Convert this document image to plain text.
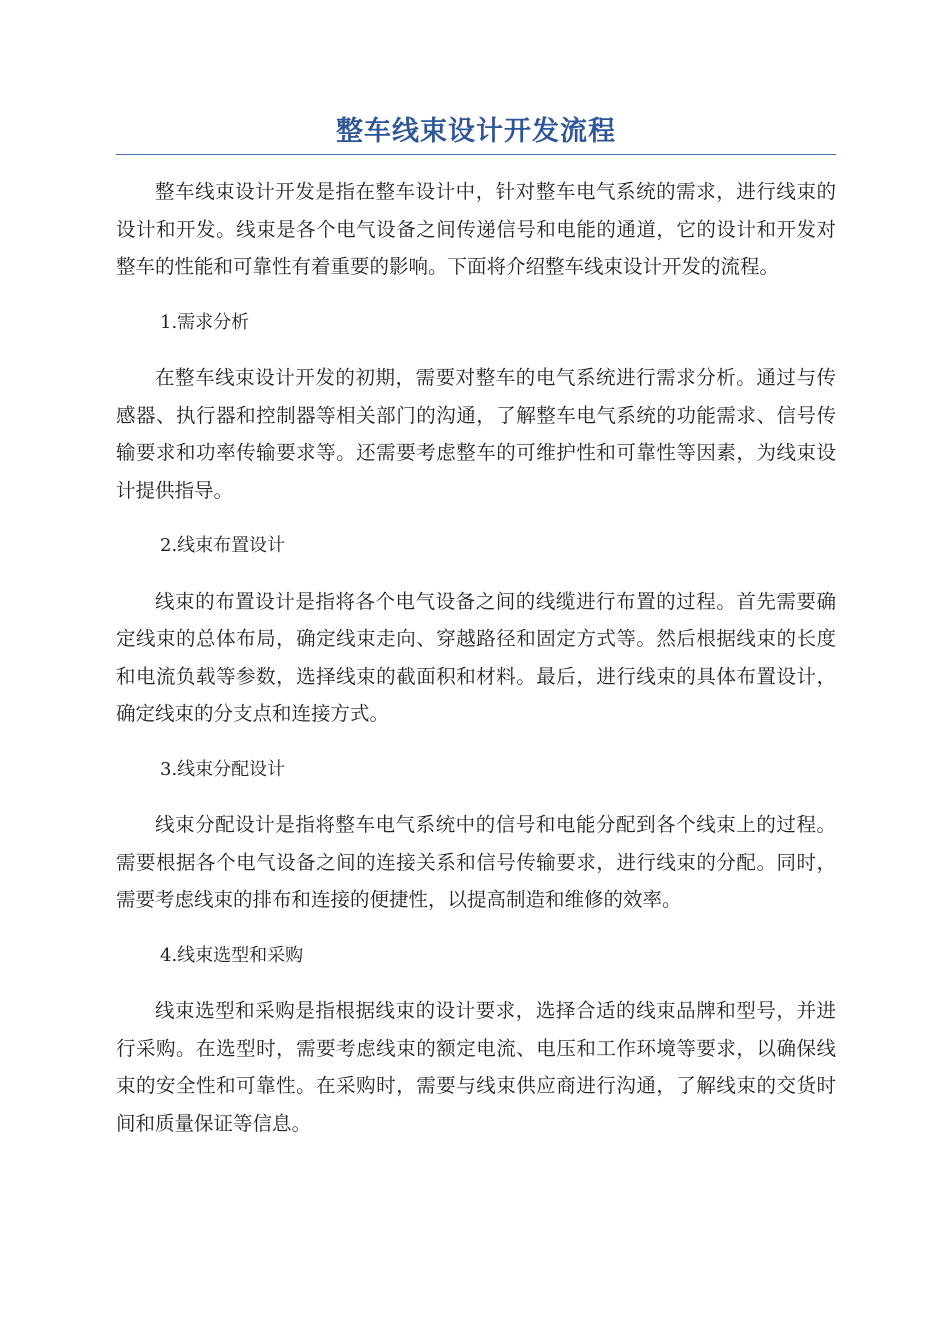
整车线束设计开发流程

整车线束设计开发是指在整车设计中，针对整车电气系统的需求，进行线束的设计和开发。线束是各个电气设备之间传递信号和电能的通道，它的设计和开发对整车的性能和可靠性有着重要的影响。下面将介绍整车线束设计开发的流程。

1.需求分析

在整车线束设计开发的初期，需要对整车的电气系统进行需求分析。通过与传感器、执行器和控制器等相关部门的沟通，了解整车电气系统的功能需求、信号传输要求和功率传输要求等。还需要考虑整车的可维护性和可靠性等因素，为线束设计提供指导。

2.线束布置设计

线束的布置设计是指将各个电气设备之间的线缆进行布置的过程。首先需要确定线束的总体布局，确定线束走向、穿越路径和固定方式等。然后根据线束的长度和电流负载等参数，选择线束的截面积和材料。最后，进行线束的具体布置设计，确定线束的分支点和连接方式。

3.线束分配设计

线束分配设计是指将整车电气系统中的信号和电能分配到各个线束上的过程。需要根据各个电气设备之间的连接关系和信号传输要求，进行线束的分配。同时，需要考虑线束的排布和连接的便捷性，以提高制造和维修的效率。

4.线束选型和采购

线束选型和采购是指根据线束的设计要求，选择合适的线束品牌和型号，并进行采购。在选型时，需要考虑线束的额定电流、电压和工作环境等要求，以确保线束的安全性和可靠性。在采购时，需要与线束供应商进行沟通，了解线束的交货时间和质量保证等信息。
